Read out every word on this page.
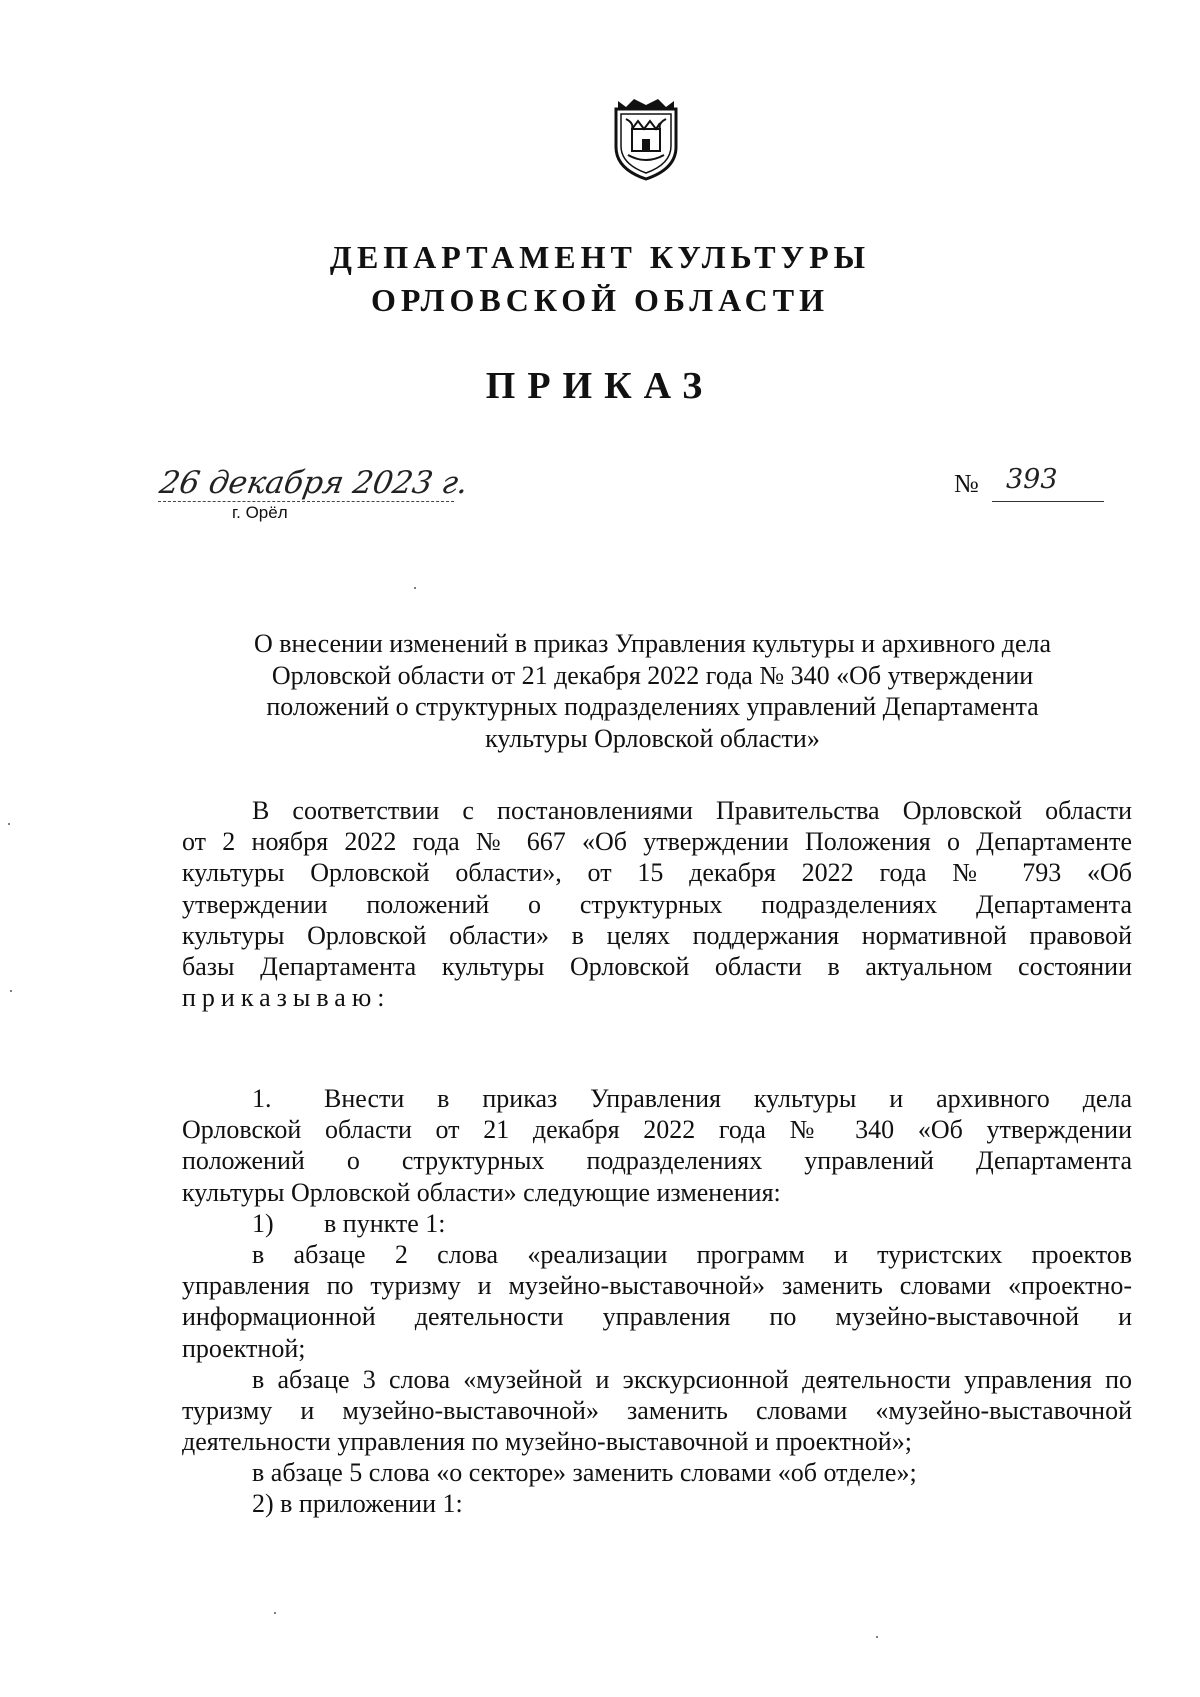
ДЕПАРТАМЕНТ КУЛЬТУРЫ
ОРЛОВСКОЙ ОБЛАСТИ
ПРИКАЗ
26 декабря 2023 г.
г. Орёл
№ 393
О внесении изменений в приказ Управления культуры и архивного дела
Орловской области от 21 декабря 2022 года № 340 «Об утверждении
положений о структурных подразделениях управлений Департамента
культуры Орловской области»
В соответствии с постановлениями Правительства Орловской области
от 2 ноября 2022 года № 667 «Об утверждении Положения о Департаменте
культуры Орловской области», от 15 декабря 2022 года № 793 «Об
утверждении положений о структурных подразделениях Департамента
культуры Орловской области» в целях поддержания нормативной правовой
базы Департамента культуры Орловской области в актуальном состоянии
приказываю:
1. Внести в приказ Управления культуры и архивного дела
Орловской области от 21 декабря 2022 года № 340 «Об утверждении
положений о структурных подразделениях управлений Департамента
культуры Орловской области» следующие изменения:
1) в пункте 1:
в абзаце 2 слова «реализации программ и туристских проектов
управления по туризму и музейно-выставочной» заменить словами «проектно-
информационной деятельности управления по музейно-выставочной и
проектной;
в абзаце 3 слова «музейной и экскурсионной деятельности управления по
туризму и музейно-выставочной» заменить словами «музейно-выставочной
деятельности управления по музейно-выставочной и проектной»;
в абзаце 5 слова «о секторе» заменить словами «об отделе»;
2) в приложении 1:
